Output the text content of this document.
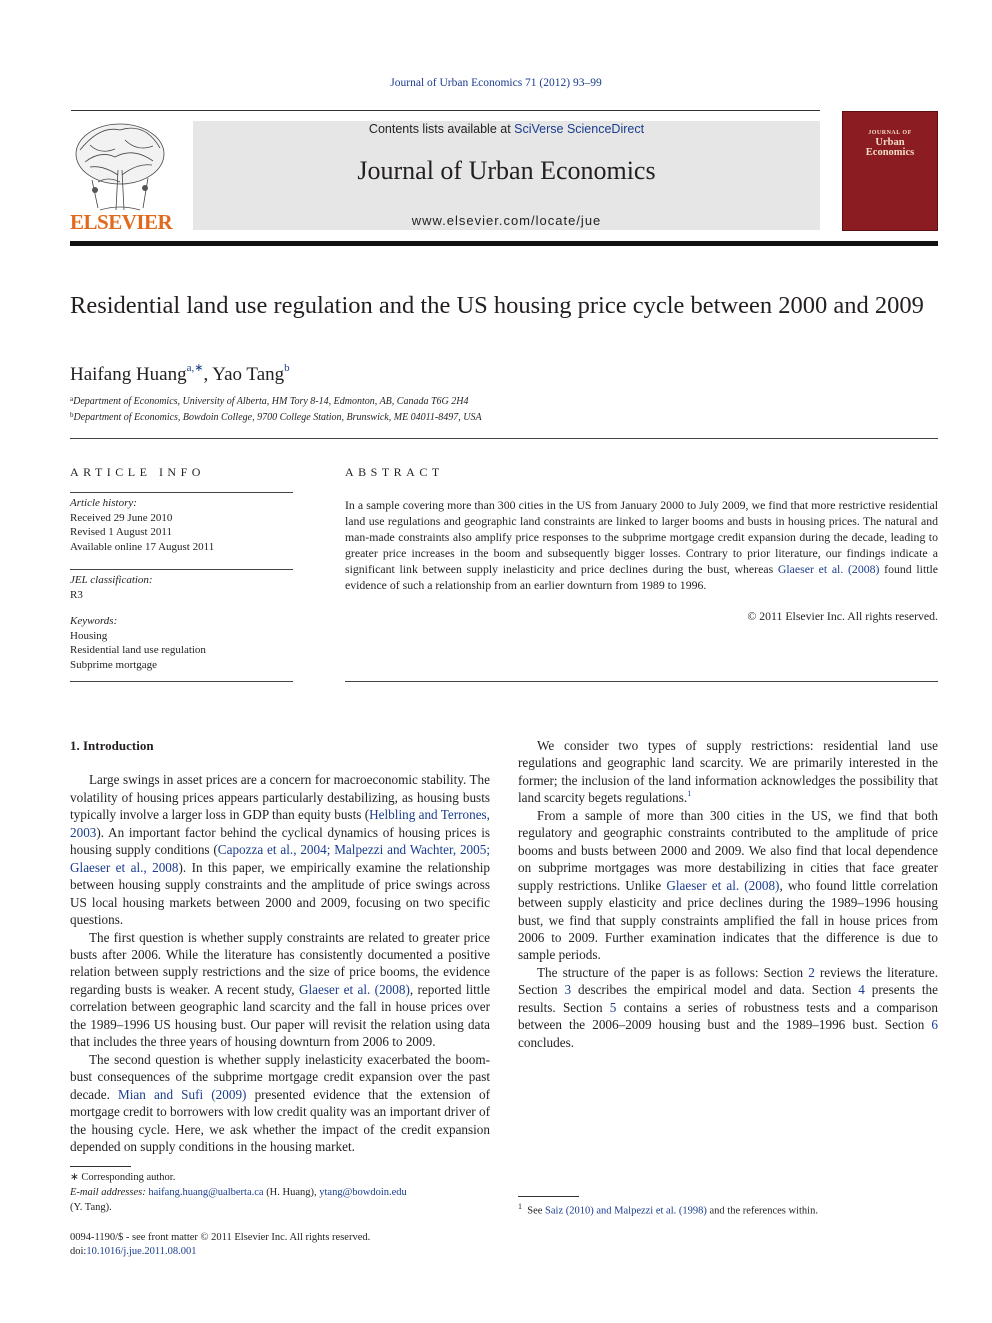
Journal of Urban Economics 71 (2012) 93–99
ELSEVIER
Contents lists available at SciVerse ScienceDirect
Journal of Urban Economics
www.elsevier.com/locate/jue
JOURNAL OF
Urban
Economics
Residential land use regulation and the US housing price cycle between 2000 and 2009
Haifang Huang$^{a,∗}$, Yao Tang$^b$
$^a$Department of Economics, University of Alberta, HM Tory 8-14, Edmonton, AB, Canada T6G 2H4
$^b$Department of Economics, Bowdoin College, 9700 College Station, Brunswick, ME 04011-8497, USA
ARTICLE INFO
Article history:
Received 29 June 2010
Revised 1 August 2011
Available online 17 August 2011
JEL classification:
R3
Keywords:
Housing
Residential land use regulation
Subprime mortgage
ABSTRACT
In a sample covering more than 300 cities in the US from January 2000 to July 2009, we find that more restrictive residential land use regulations and geographic land constraints are linked to larger booms and busts in housing prices. The natural and man-made constraints also amplify price responses to the subprime mortgage credit expansion during the decade, leading to greater price increases in the boom and subsequently bigger losses. Contrary to prior literature, our findings indicate a significant link between supply inelasticity and price declines during the bust, whereas Glaeser et al. (2008) found little evidence of such a relationship from an earlier downturn from 1989 to 1996.
© 2011 Elsevier Inc. All rights reserved.
1. Introduction

Large swings in asset prices are a concern for macroeconomic stability. The volatility of housing prices appears particularly destabilizing, as housing busts typically involve a larger loss in GDP than equity busts (Helbling and Terrones, 2003). An important factor behind the cyclical dynamics of housing prices is housing supply conditions (Capozza et al., 2004; Malpezzi and Wachter, 2005; Glaeser et al., 2008). In this paper, we empirically examine the relationship between housing supply constraints and the amplitude of price swings across US local housing markets between 2000 and 2009, focusing on two specific questions.

The first question is whether supply constraints are related to greater price busts after 2006. While the literature has consistently documented a positive relation between supply restrictions and the size of price booms, the evidence regarding busts is weaker. A recent study, Glaeser et al. (2008), reported little correlation between geographic land scarcity and the fall in house prices over the 1989–1996 US housing bust. Our paper will revisit the relation using data that includes the three years of housing downturn from 2006 to 2009.

The second question is whether supply inelasticity exacerbated the boom-bust consequences of the subprime mortgage credit expansion over the past decade. Mian and Sufi (2009) presented evidence that the extension of mortgage credit to borrowers with low credit quality was an important driver of the housing cycle. Here, we ask whether the impact of the credit expansion depended on supply conditions in the housing market.

We consider two types of supply restrictions: residential land use regulations and geographic land scarcity. We are primarily interested in the former; the inclusion of the land information acknowledges the possibility that land scarcity begets regulations.$^1$

From a sample of more than 300 cities in the US, we find that both regulatory and geographic constraints contributed to the amplitude of price booms and busts between 2000 and 2009. We also find that local dependence on subprime mortgages was more destabilizing in cities that face greater supply restrictions. Unlike Glaeser et al. (2008), who found little correlation between supply elasticity and price declines during the 1989–1996 housing bust, we find that supply constraints amplified the fall in house prices from 2006 to 2009. Further examination indicates that the difference is due to sample periods.

The structure of the paper is as follows: Section 2 reviews the literature. Section 3 describes the empirical model and data. Section 4 presents the results. Section 5 contains a series of robustness tests and a comparison between the 2006–2009 housing bust and the 1989–1996 bust. Section 6 concludes.

∗ Corresponding author.
E-mail addresses: haifang.huang@ualberta.ca (H. Huang), ytang@bowdoin.edu
(Y. Tang).	$^1$ See Saiz (2010) and Malpezzi et al. (1998) and the references within.
0094-1190/$ - see front matter © 2011 Elsevier Inc. All rights reserved.
doi:10.1016/j.jue.2011.08.001
